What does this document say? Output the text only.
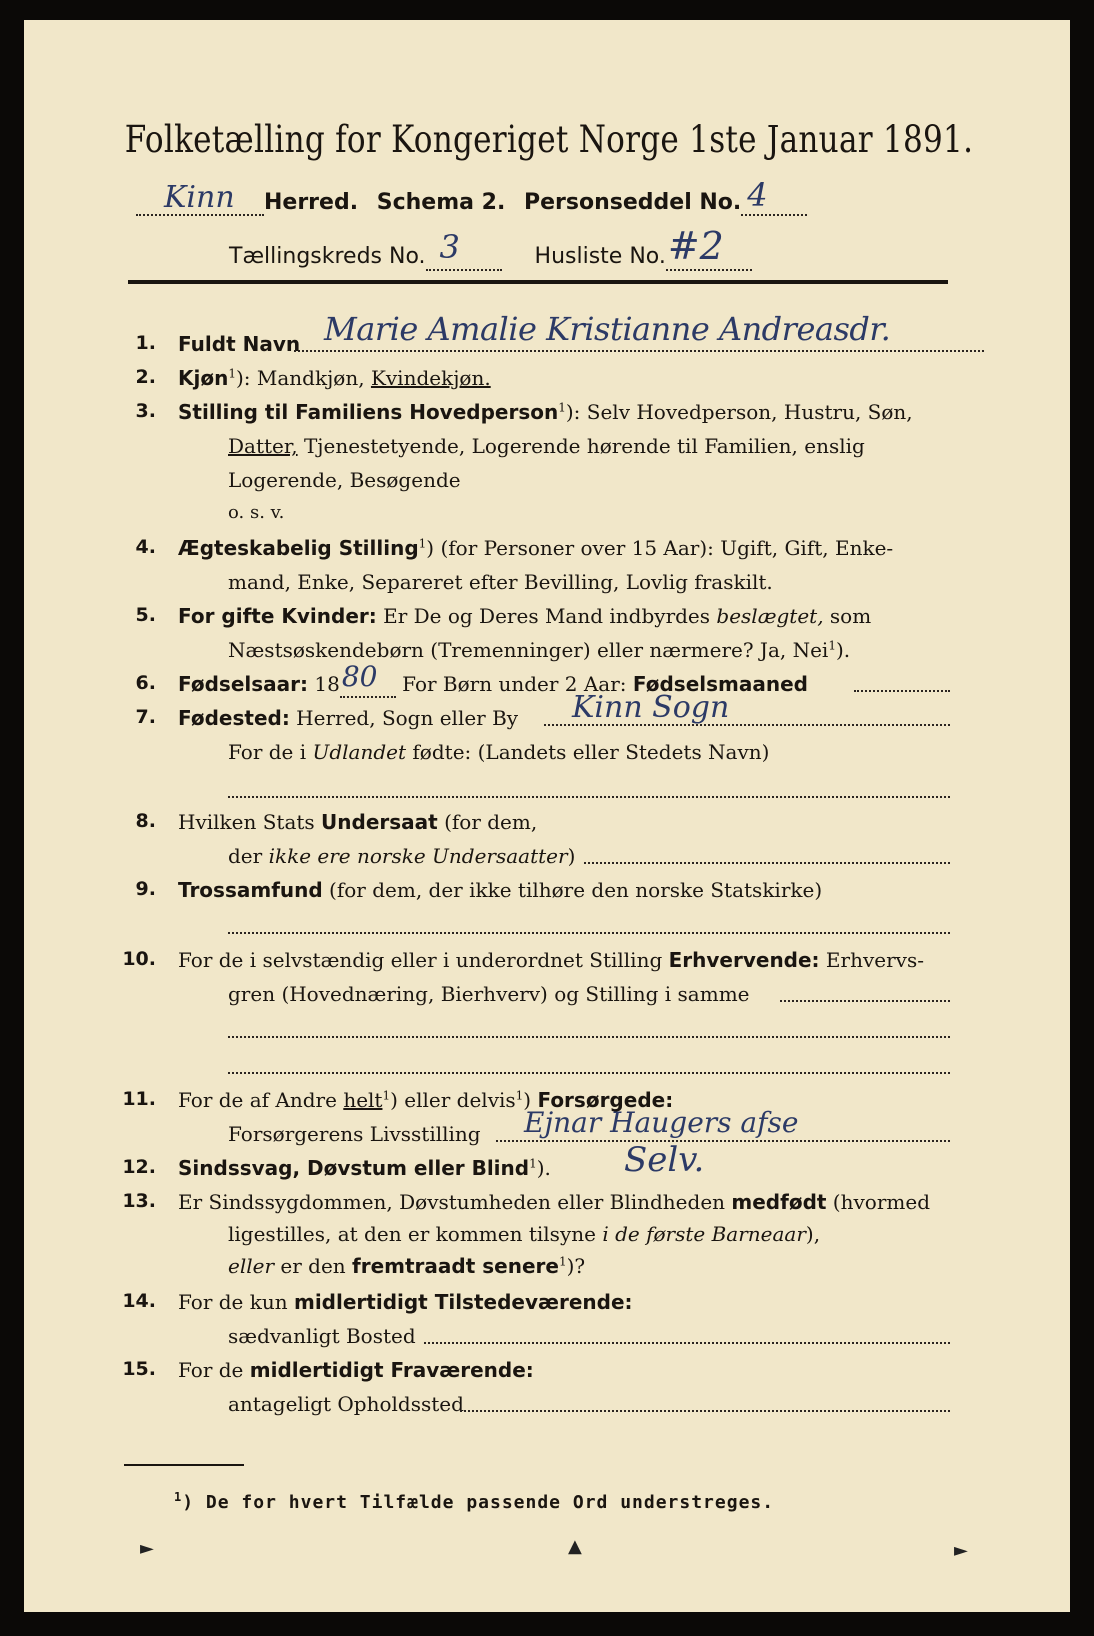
Folketælling for Kongeriget Norge 1ste Januar 1891.
Kinn Herred. Schema 2. Personseddel No. 4

Tællingskreds No. 3	Husliste No. #2

1. Fuldt Navn Marie Amalie Kristianne Andreasdr.
2. Kjøn$^1$): Mandkjøn, Kvindekjøn.
3. Stilling til Familiens Hovedperson$^1$): Selv Hovedperson, Hustru, Søn,
Datter, Tjenestetyende, Logerende hørende til Familien, enslig
Logerende, Besøgende
o. s. v.
4. Ægteskabelig Stilling$^1$) (for Personer over 15 Aar): Ugift, Gift, Enke-
mand, Enke, Separeret efter Bevilling, Lovlig fraskilt.
5. For gifte Kvinder: Er De og Deres Mand indbyrdes beslægtet, som
Næstsøskendebørn (Tremenninger) eller nærmere? Ja, Nei$^1$).
6. Fødselsaar: 18 80 For Børn under 2 Aar: Fødselsmaaned
7. Fødested: Herred, Sogn eller By Kinn Sogn
For de i Udlandet fødte: (Landets eller Stedets Navn)
8. Hvilken Stats Undersaat (for dem,
der ikke ere norske Undersaatter)
9. Trossamfund (for dem, der ikke tilhøre den norske Statskirke)
10. For de i selvstændig eller i underordnet Stilling Erhvervende: Erhvervs-
gren (Hovednæring, Bierhverv) og Stilling i samme
11. For de af Andre helt$^1$) eller delvis$^1$) Forsørgede:
Forsørgerens Livsstilling Ejnar Haugers afse
12. Sindssvag, Døvstum eller Blind$^1$). Selv.
13. Er Sindssygdommen, Døvstumheden eller Blindheden medfødt (hvormed
ligestilles, at den er kommen tilsyne i de første Barneaar),
eller er den fremtraadt senere$^1$)?
14. For de kun midlertidigt Tilstedeværende:
sædvanligt Bosted
15. For de midlertidigt Fraværende:
antageligt Opholdssted
$^1$) De for hvert Tilfælde passende Ord understreges.
►	▲	►
